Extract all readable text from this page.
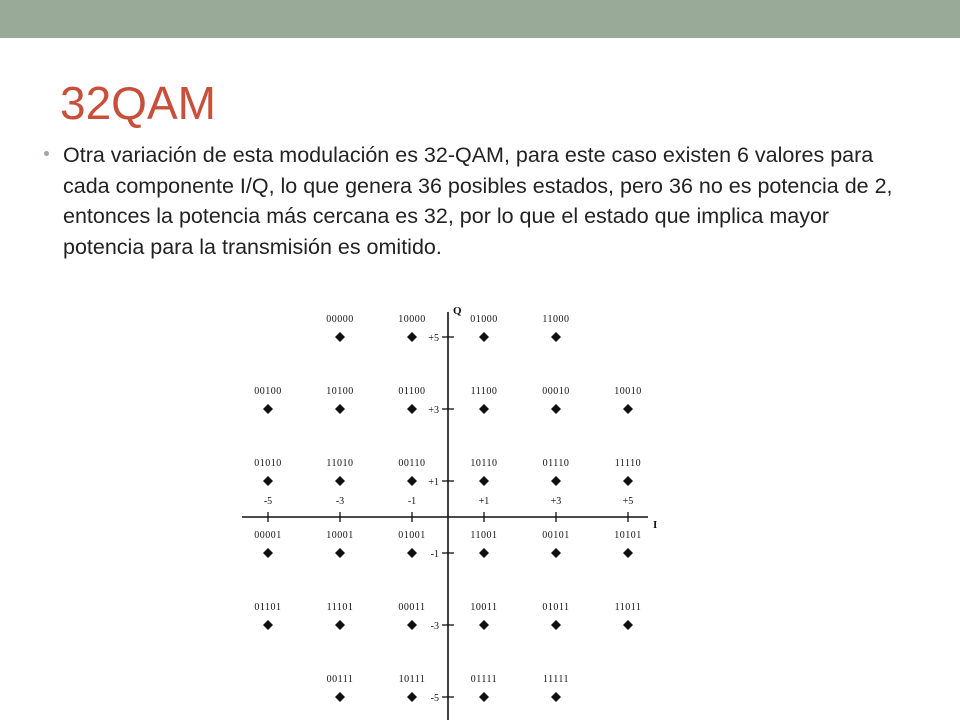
32QAM
Otra variación de esta modulación es 32-QAM, para este caso existen 6 valores para cada componente I/Q, lo que genera 36 posibles estados, pero 36 no es potencia de 2, entonces la potencia más cercana es 32, por lo que el estado que implica mayor potencia para la transmisión es omitido.
Q
I
-5	-3	-1	+1	+3	+5
+5
+3
+1
-1
-3
-5
00000	10000	01000	11000
00100	10100	01100	11100	00010	10010
01010	11010	00110	10110	01110	11110
00001	10001	01001	11001	00101	10101
01101	11101	00011	10011	01011	11011
00111	10111	01111	11111
